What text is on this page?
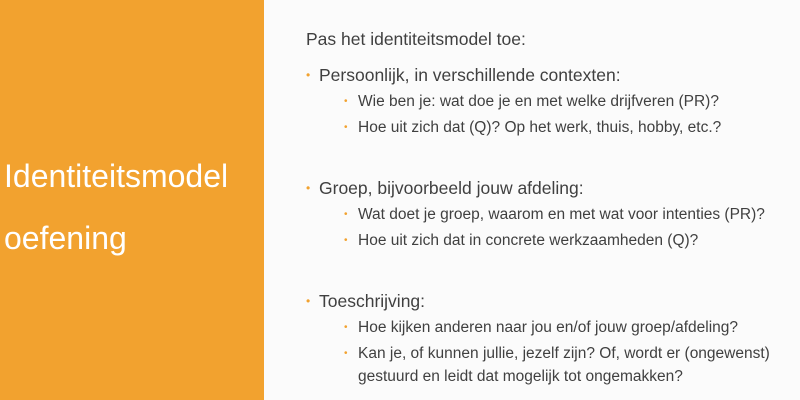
Identiteitsmodel
oefening

Pas het identiteitsmodel toe:

• Persoonlijk, in verschillende contexten:
• Wie ben je: wat doe je en met welke drijfveren (PR)?
• Hoe uit zich dat (Q)? Op het werk, thuis, hobby, etc.?
• Groep, bijvoorbeeld jouw afdeling:
• Wat doet je groep, waarom en met wat voor intenties (PR)?
• Hoe uit zich dat in concrete werkzaamheden (Q)?
• Toeschrijving:
• Hoe kijken anderen naar jou en/of jouw groep/afdeling?
• Kan je, of kunnen jullie, jezelf zijn? Of, wordt er (ongewenst) gestuurd en leidt dat mogelijk tot ongemakken?
